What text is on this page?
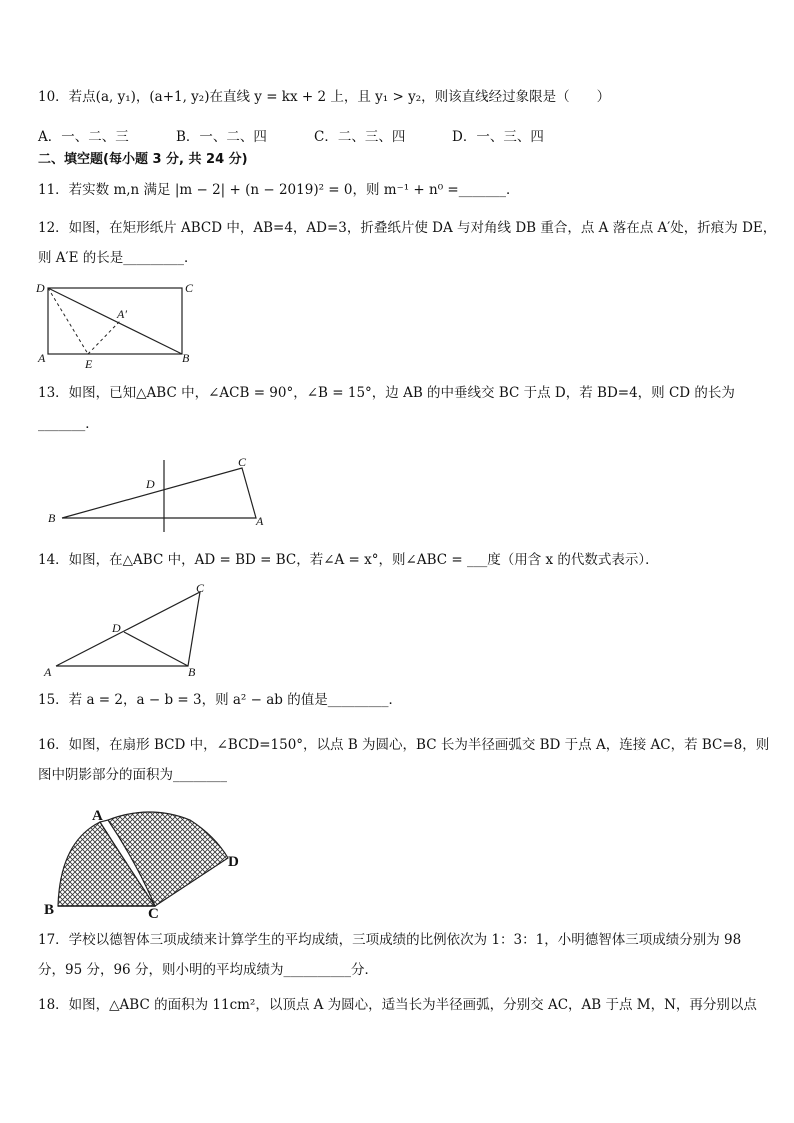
10．若点(a, y₁)，(a+1, y₂)在直线 y = kx + 2 上，且 y₁ > y₂，则该直线经过象限是（　　）
A．一、二、三	B．一、二、四	C．二、三、四	D．一、三、四
二、填空题(每小题 3 分, 共 24 分)
11．若实数 m,n 满足 |m − 2| + (n − 2019)² = 0，则 m⁻¹ + n⁰ =_______．
12．如图，在矩形纸片 ABCD 中，AB=4，AD=3，折叠纸片使 DA 与对角线 DB 重合，点 A 落在点 A′处，折痕为 DE，
则 A′E 的长是_________．
D	C
A	B
E
A′
13．如图，已知△ABC 中，∠ACB = 90°，∠B = 15°，边 AB 的中垂线交 BC 于点 D，若 BD=4，则 CD 的长为
_______．
B
C
A
D
14．如图，在△ABC 中，AD = BD = BC，若∠A = x°，则∠ABC = ___度（用含 x 的代数式表示）．
A	B
C
D
15．若 a = 2，a − b = 3，则 a² − ab 的值是_________．
16．如图，在扇形 BCD 中，∠BCD=150°，以点 B 为圆心，BC 长为半径画弧交 BD 于点 A，连接 AC，若 BC=8，则
图中阴影部分的面积为________
B	C
A
D
17．学校以德智体三项成绩来计算学生的平均成绩，三项成绩的比例依次为 1：3：1，小明德智体三项成绩分别为 98
分，95 分，96 分，则小明的平均成绩为__________分．
18．如图，△ABC 的面积为 11cm²，以顶点 A 为圆心，适当长为半径画弧，分别交 AC，AB 于点 M，N，再分别以点
